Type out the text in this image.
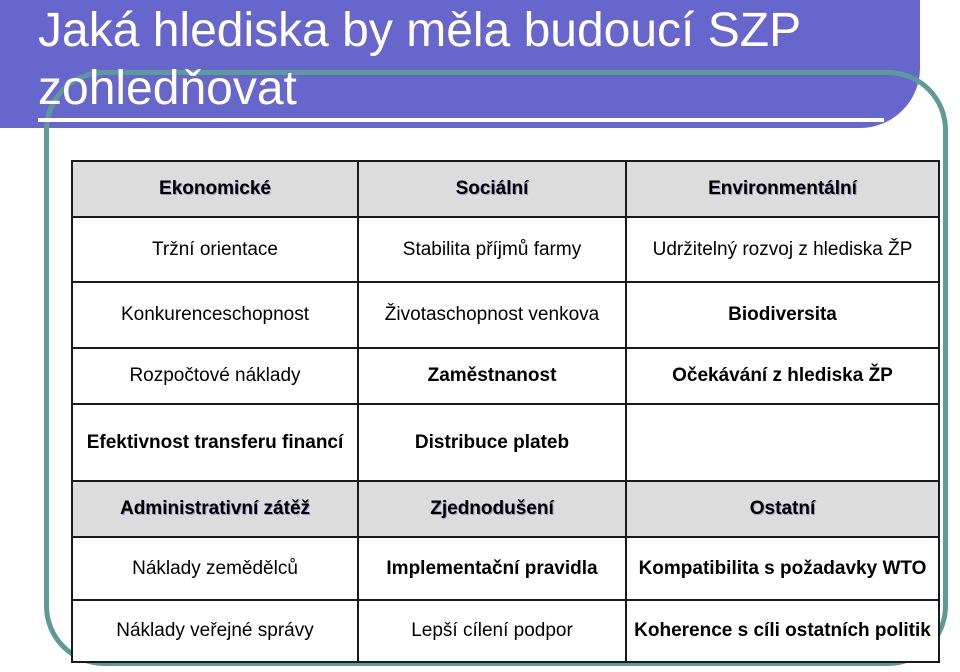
Jaká hlediska by měla budoucí SZP zohledňovat
Ekonomické	Sociální	Environmentální
Tržní orientace	Stabilita příjmů farmy	Udržitelný rozvoj z hlediska ŽP
Konkurenceschopnost	Životaschopnost venkova	Biodiversita
Rozpočtové náklady	Zaměstnanost	Očekávání z hlediska ŽP
Efektivnost transferu financí	Distribuce plateb	
Administrativní zátěž	Zjednodušení	Ostatní
Náklady zemědělců	Implementační pravidla	Kompatibilita s požadavky WTO
Náklady veřejné správy	Lepší cílení podpor	Koherence s cíli ostatních politik
